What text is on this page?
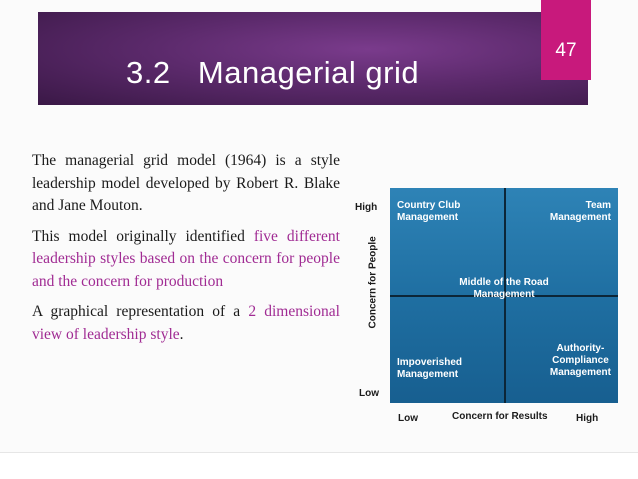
3.2   Managerial grid
47

The managerial grid model (1964) is a style leadership model developed by Robert R. Blake and Jane Mouton.

This model originally identified five different leadership styles based on the concern for people and the concern for production

A graphical representation of a 2 dimensional view of leadership style.

Concern for People
High
Low
Country Club
Management
Team
Management
Middle of the Road
Management
Impoverished
Management
Authority-
Compliance
Management
Low	Concern for Results	High
